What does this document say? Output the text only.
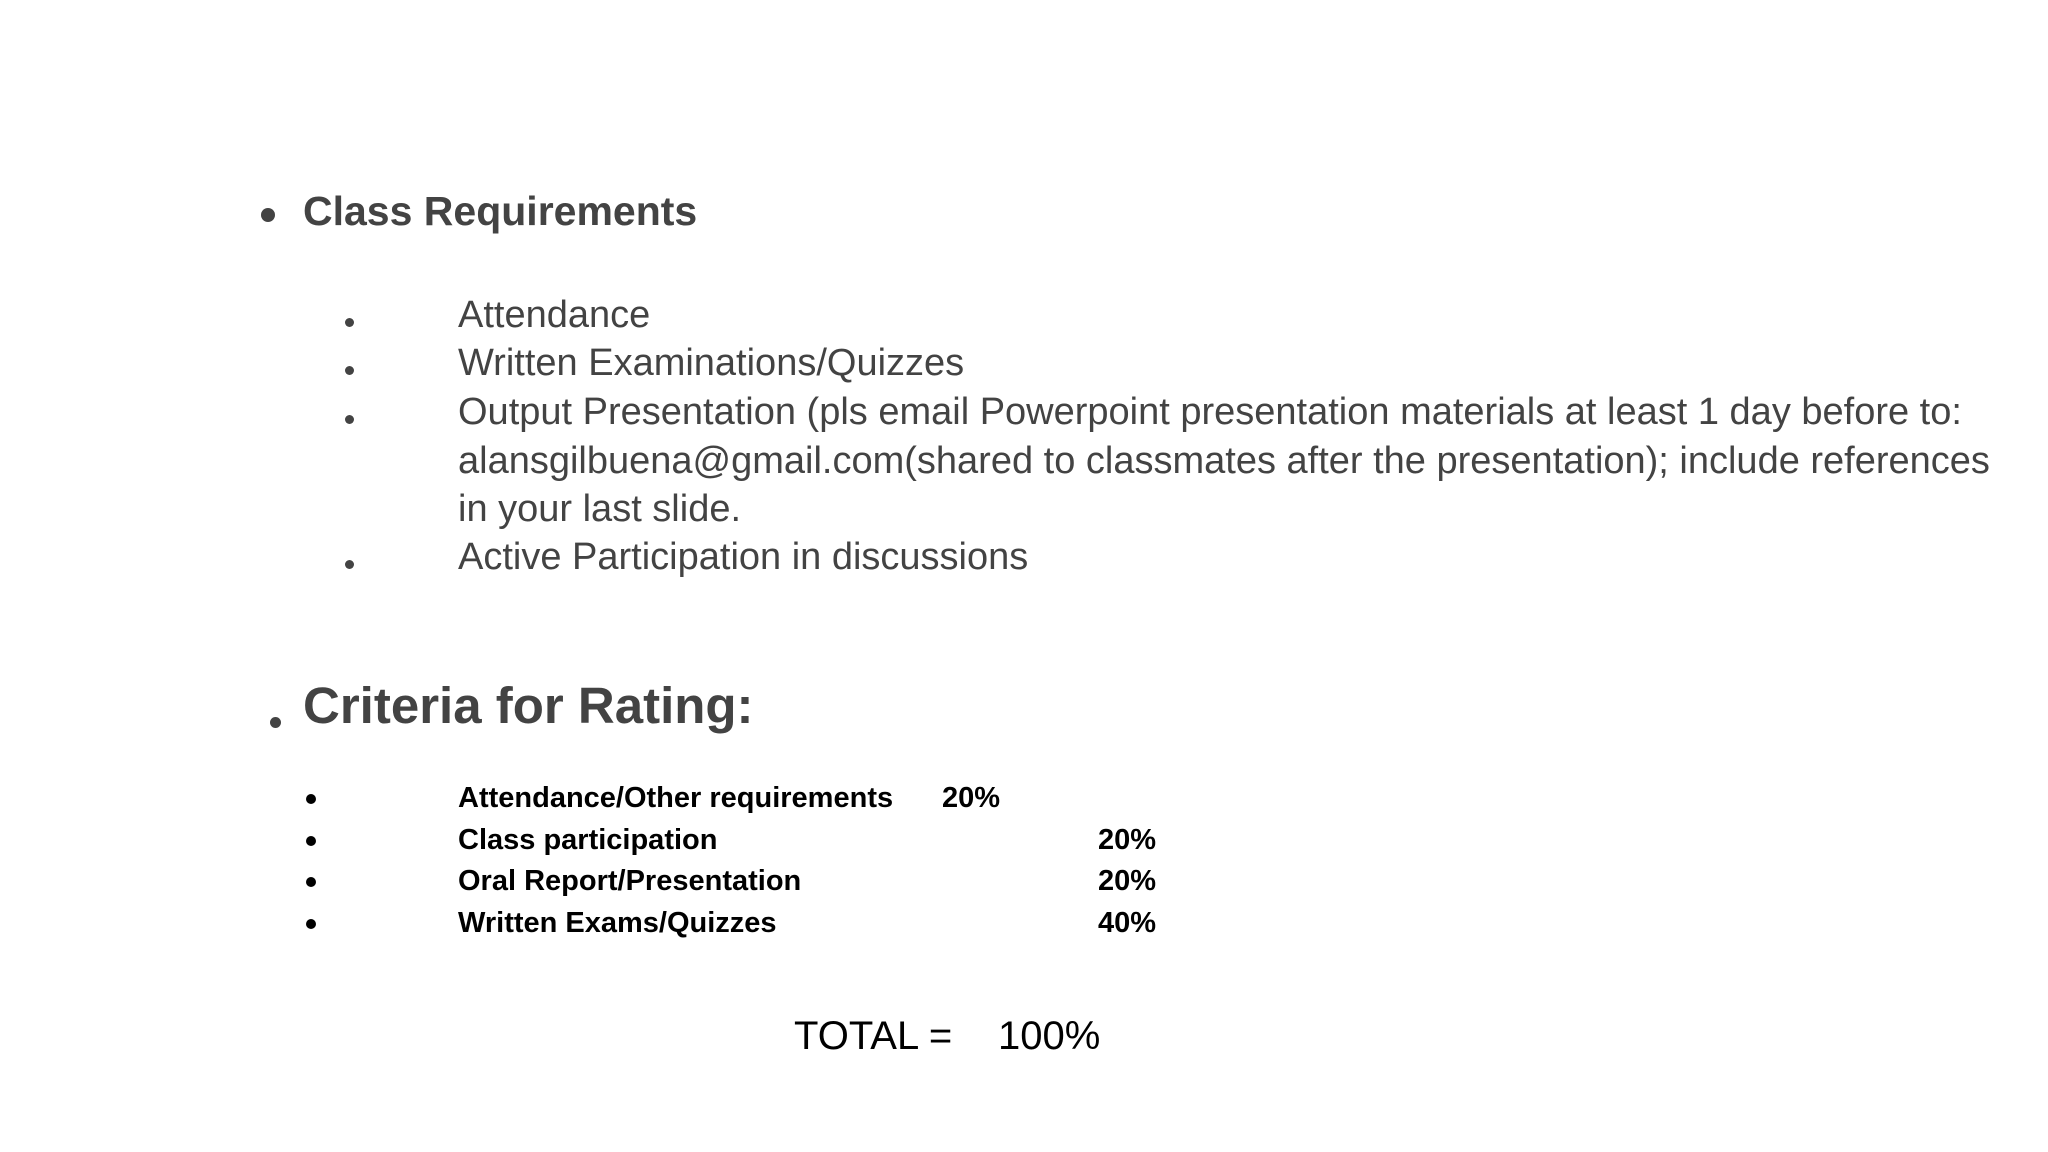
Class Requirements
Attendance
Written Examinations/Quizzes
Output Presentation (pls email Powerpoint presentation materials at least 1 day before to: alansgilbuena@gmail.com(shared to classmates after the presentation); include references in your last slide.
Active Participation in discussions
Criteria for Rating:
Attendance/Other requirements 20%
Class participation	20%
Oral Report/Presentation	20%
Written Exams/Quizzes	40%
TOTAL = 100%
